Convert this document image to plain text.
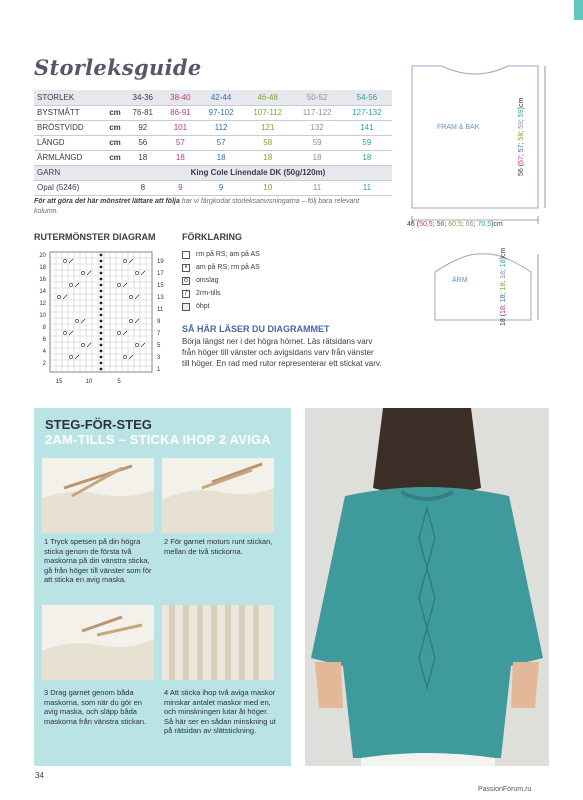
Storleksguide
STORLEK		34-36	38-40	42-44	46-48	50-52	54-56
BYSTMÅTT	cm	76-81	86-91	97-102	107-112	117-122	127-132
BRÖSTVIDD	cm	92	101	112	121	132	141
LÄNGD	cm	56	57	57	58	59	59
ÄRMLÄNGD	cm	18	18	18	18	18	18
GARN		King Cole Linendale DK (50g/120m)					
Opal (5246)		8	9	9	10	11	11
För att göra det här mönstret lättare att följa har vi färgkodat storleksanvisningarna – följ bara relevant kolumn.
FRAM & BAK
46 (50,5; 56; 60,5; 66; 70,5)cm
56 (57; 57; 58; 59; 59)cm
ÄRM
18 (18; 18; 18; 18; 18)cm
RUTERMÖNSTER DIAGRAM
20
18
16
14
12
10
8
6
4
2
19
17
15
13
11
9
7
5
3
1
15	10	5
FÖRKLARING
rm på RS; am på AS
•	am på RS; rm på AS
o omslag
/	2rm-tills
öhpt
SÅ HÄR LÄSER DU DIAGRAMMET
Börja längst ner i det högra hörnet. Läs rätsidans varv från höger till vänster och avigsidans varv från vänster till höger. En rad med rutor representerar ett stickat varv.
STEG-FÖR-STEG
2AM-TILLS – STICKA IHOP 2 AVIGA
1 Tryck spetsen på din högra sticka genom de första två maskorna på din vänstra sticka, gå från höger till vänster som för att sticka en avig maska.
2 För garnet moturs runt stickan, mellan de två stickorna.
3 Drag garnet genom båda maskorna, som när du gör en avig maska, och släpp båda maskorna från vänstra stickan.
4 Att sticka ihop två aviga maskor minskar antalet maskor med en, och minskningen lutar åt höger. Så här ser en sådan minskning ut på rätsidan av slätstickning.
34
PassionForum.ru
